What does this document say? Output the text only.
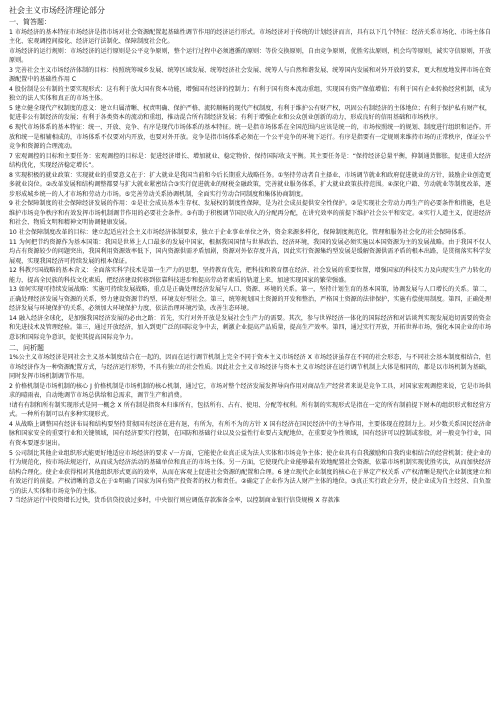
社会主义市场经济理论部分
一、简答题：

1 市场经济的基本特征市场经济是指市场对社会资源配置起基础性调节作用的经济运行形式。市场经济对于传统的计划经济而言，具有以下几个特征：经济关系市场化、市场主体自主化、宏观调控间接化、经济运行法制化、保障制度社会化。

市场经济的运行规则：市场经济的运行原则是公平竞争原则，整个运行过程中必须遵循的原则：等价交换原则，自由竞争原则，优胜劣汰原则，机会均等原则，诚实守信原则，开放原则。

3 完善社会主义市场经济体制的目标：按照统筹城乡发展、统筹区域发展、统筹经济社会发展、统筹人与自然和谐发展、统筹国内发展和对外开放的要求，更大程度地发挥市场在资源配置中的基础性作用 C

4 股份制是公有制的主要实现形式：这有利于放大国有资本功能，增强国有经济的控制力；有利于国有资本流动重组，实现国有资产保值增值；有利于国有企业转换经营机制，成为独立的法人实体和真正的市场主体。

5 建立健全现代产权制度的意义：建立归属清晰、权责明确、保护严格、流转顺畅的现代产权制度，有利于维护公有财产权，巩固公有制经济的主体地位；有利于保护私有财产权，促进非公有制经济的发展；有利于各类资本的流动和重组，推动混合所有制经济发展；有利于增强企业和公众创业创新的动力，形成良好的信用基础和市场秩序。

6 现代市场体系的基本特征：统一、开放、竞争、有序是现代市场体系的基本特征。统一是指市场体系在全国范围内应该是统一的，市场按照统一的规划、制度进行组织和运作。开放和统一是相辅相成的，市场体系不仅要对内开放，也要对外开放。竞争是指市场体系必须在一个公平竞争的环境下运行。有序是指要有一定规则来维持市场的正常秩序，保证公平竞争和资源的合理流动。

7 宏观调控的目标和主要任务：宏观调控的目标是：促进经济增长、增加就业、稳定物价、保持国际收支平衡。其主要任务是：“保持经济总量平衡，抑制通货膨胀，促进重大经济结构优化，实现经济稳定增长”。

8 实现积极的就业政策：实现就业的重要意义在于：扩大就业是我国当前和今后长期重大战略任务。①坚持劳动者自主择业、市场调节就业和政府促进就业的方针，鼓励企业创造更多就业岗位。②改革发展和结构调整都要与扩大就业紧密结合③实行促进就业的财税金融政策，完善就业服务体系，扩大就业政策扶持范围。④深化户籍、劳动就业等制度改革，逐步形成城乡统一的人才市场和劳动力市场。⑤完善劳动关系协调机制，全面实行劳动合同制度和集体协商制度。

9 社会保障制度的社会保障经济发展的作用：①是社会成员基本生存权、发展权的制度性保障，是为社会成员提供安全性保护。②是实现社会劳动力再生产的必要条件和措施，也是维护市场竞争秩序和有效发挥市场机制调节作用的必要社会条件。③有助于积极调节国民收入的分配再分配，在讲究效率的前提下维护社会公平和安定。④实行人道主义，促进经济和社会、物质文明和精神文明协调健康发展。

10 社会保障制度改革的目标：建立起适应社会主义市场经济体制要求，独立于企业事业单位之外，资金来源多样化，保障制度规范化，管理和服务社会化的社会保障体系。

11 为何把节约资源作为基本国策：我国是世界上人口最多的发展中国家，根据我国国情与世界政治、经济环境，我国的发展必须实施以本国资源为主的发展战略。由于我国不仅人均占有资源较少的问题突出，我国利用资源效率低下，国内资源供需矛盾加剧，资源对外依存度升高，因此实行资源集约型发展是缓解资源供需矛盾的根本出路，是贯彻落实科学发展观，实现我国经济可持续发展的根本保证。

12 科教兴国战略的基本含义：全面落实科学技术是第一生产力的思想，坚持教育优先，把科技和教育摆在经济、社会发展的重要位置，增强国家的科技实力及向现实生产力转化的能力，提高全民族的科技文化素质，把经济建设转移到依靠科技进步和提高劳动者素质的轨道上来，加速实现国家的繁荣强盛。

13 如何实现可持续发展战略：实施可持续发展战略，重点是正确处理经济发展与人口、资源、环境的关系。第一，坚持计划生育的基本国策，协调发展与人口增长的关系。第二，正确处理经济发展与资源的关系，努力建设资源节约型、环境友好型社会。第三，统筹规划国土资源的开发和整治，严格国土资源的法律保护，实施有偿使用制度。第四，正确处理经济发展与环境保护的关系，必须加大环境保护力度，依法治理环境污染，改善生态环境。

14 融入经济全球化，是加强我国经济发展的必由之路：首先，实行对外开放是发展社会生产力的需要。其次，参与世界经济一体化的国际经济和对话谈判实现发展追切需要的资金和先进技术及管理经验。第三，通过开放经济，加入到更广泛的国际竞争中去，刺激企业提高产品质量，提高生产效率。第四，通过实行开放，开拓世界市场，强化本国企业的市场意识和国际竞争意识，促使其提高国际竞争力。

二、问析题

1%公主义市场经济是同社会主义基本制度结合在一起的，因而在运行调节机制上完全不同于资本主义市场经济 X 市场经济虽存在不同的社会形态，与不同社会基本制度相结合，但市场经济作为一种资源配置方式，与经济运行形势，不具有独立的社会性质。因此社会主义市场经济与资本主义市场经济在运行调节机制上大体是相同的，都是以市场机制为基础，同时发挥市场机制调节作用。

2 价格机制是市场机制的核心 J 价格机制是市场机制的核心机制，通过它，市场对整个经济发展发挥导向作用对商品生产经营者来说是竞争工具，对国家宏观调控来说，它是市场供求的晴雨表，自动地调节市场总供给和总需求，调节生产和消费。

!请有有制和所有制实现形式是同一概念 X 所有制是指资本归谁所有，包括所有、占有、使用、分配等权利。所有制的实现形式是指在一定的所有制前提下财本的组织形式和经营方式。一种所有制可以有多种实现形式。

4 从战略上调整国有经济布局和结构要坚持贯彻国有经济在进有退，有所为，有所不为的方针 X 国有经济在国民经济中的主导作用，主要体现在控制力上。对少数关系国民经济命脉和国家安全的重要行业和关键领域，国有经济要实行控制，在国防和基础行业以及公益性行业要占支配地位，在重要竞争性领域，国有经济可以控制或参股，对一般竞争行业，国有资本要逐步退出。

5 公司制比其他企业组织形式能更好地适应市场经济的要求 √一方面，它能使企业真正成为法人实体和市场竞争主体；使企业具有自我激励和自我约束相结合的经营机制；使企业的行为规范化，按市场法规运行，从而成为经济活动的基础单位和真正的市场主体。另一方面，它使现代企业能够最有效地配置社会资源，依靠市场机制实现优胜劣汰，从而加快经济结构合理化。使企业获得相对其他组织形式更高的效率，从而在客观上促进社会资源的配置和合理。6 建立现代企业制度的核心在于界定产权关系 √产权清晰是现代企业制度建立和有效运行的前提。产权清晰的意义在于①明确了国家为国有资产投资者的权力和责任。②确定了企业作为法人财产主体的地位。③真正实行政企分开，使企业成为自主经营、自负盈亏的法人实体和市场竞争的主体。

7 当经济运行中投资增长过快，货币信贷投放过多时，中央银行则应调低存款准备金率，以控制商业银行信贷规模 X 存款准
